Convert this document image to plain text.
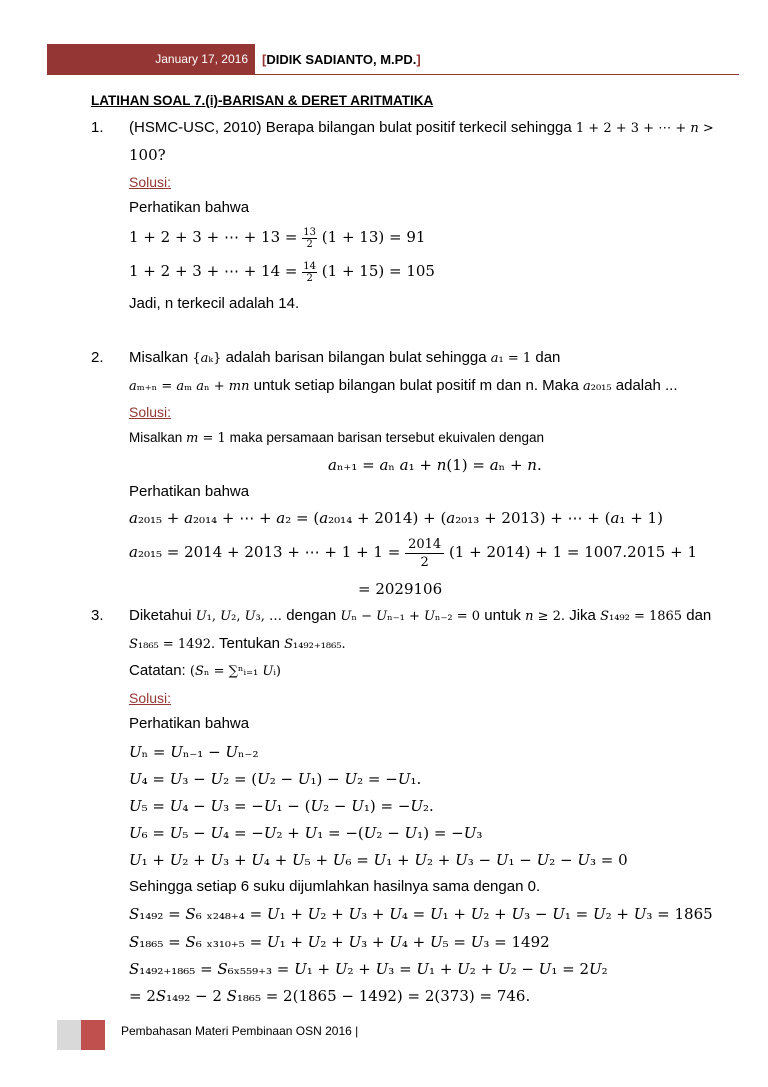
January 17, 2016 [DIDIK SADIANTO, M.PD.]
LATIHAN SOAL 7.(i)-BARISAN & DERET ARITMATIKA
1. (HSMC-USC, 2010) Berapa bilangan bulat positif terkecil sehingga 1 + 2 + 3 + ⋯ + 𝑛 >
100?
Solusi:
Perhatikan bahwa
1 + 2 + 3 + ⋯ + $13 = \frac{13}{2} (1 + 13) = 91$
1 + 2 + 3 + ⋯ + $14 = \frac{14}{2} (1 + 15) = 105$
Jadi, n terkecil adalah 14.
2. Misalkan {𝑎ₖ} adalah barisan bilangan bulat sehingga 𝑎₁ = 1 dan
𝑎ₘ₊ₙ = 𝑎ₘ 𝑎ₙ + 𝑚𝑛 untuk setiap bilangan bulat positif m dan n. Maka 𝑎₂₀₁₅ adalah ...
Solusi:
Misalkan 𝑚 = 1 maka persamaan barisan tersebut ekuivalen dengan
𝑎ₙ₊₁ = 𝑎ₙ 𝑎₁ + 𝑛(1) = 𝑎ₙ + 𝑛.
Perhatikan bahwa
𝑎₂₀₁₅ + 𝑎₂₀₁₄ + ⋯ + 𝑎₂ = (𝑎₂₀₁₄ + 2014) + (𝑎₂₀₁₃ + 2013) + ⋯ + (𝑎₁ + 1)
𝑎₂₀₁₅ = 2014 + 2013 + ⋯ + $1 + 1 = \frac{2014}{2} (1 + 2014) + 1 = 1007.2015 + 1$
= 2029106
3. Diketahui 𝑈₁, 𝑈₂, 𝑈₃, … dengan 𝑈ₙ − 𝑈ₙ₋₁ + 𝑈ₙ₋₂ = 0 untuk 𝑛 ≥ 2. Jika 𝑆₁₄₉₂ = 1865 dan
𝑆₁₈₆₅ = 1492. Tentukan 𝑆₁₄₉₂₊₁₈₆₅.
Catatan: (𝑆ₙ = ∑ⁿᵢ₌₁ 𝑈ᵢ)
Solusi:
Perhatikan bahwa
𝑈ₙ = 𝑈ₙ₋₁ − 𝑈ₙ₋₂
𝑈₄ = 𝑈₃ − 𝑈₂ = (𝑈₂ − 𝑈₁) − 𝑈₂ = −𝑈₁.
𝑈₅ = 𝑈₄ − 𝑈₃ = −𝑈₁ − (𝑈₂ − 𝑈₁) = −𝑈₂.
𝑈₆ = 𝑈₅ − 𝑈₄ = −𝑈₂ + 𝑈₁ = −(𝑈₂ − 𝑈₁) = −𝑈₃
𝑈₁ + 𝑈₂ + 𝑈₃ + 𝑈₄ + 𝑈₅ + 𝑈₆ = 𝑈₁ + 𝑈₂ + 𝑈₃ − 𝑈₁ − 𝑈₂ − 𝑈₃ = 0
Sehingga setiap 6 suku dijumlahkan hasilnya sama dengan 0.
𝑆₁₄₉₂ = 𝑆₆ ₓ₂₄₈₊₄ = 𝑈₁ + 𝑈₂ + 𝑈₃ + 𝑈₄ = 𝑈₁ + 𝑈₂ + 𝑈₃ − 𝑈₁ = 𝑈₂ + 𝑈₃ = 1865
𝑆₁₈₆₅ = 𝑆₆ ₓ₃₁₀₊₅ = 𝑈₁ + 𝑈₂ + 𝑈₃ + 𝑈₄ + 𝑈₅ = 𝑈₃ = 1492
𝑆₁₄₉₂₊₁₈₆₅ = 𝑆₆ₓ₅₅₉₊₃ = 𝑈₁ + 𝑈₂ + 𝑈₃ = 𝑈₁ + 𝑈₂ + 𝑈₂ − 𝑈₁ = 2𝑈₂
= 2𝑆₁₄₉₂ − 2 𝑆₁₈₆₅ = 2(1865 − 1492) = 2(373) = 746.
Pembahasan Materi Pembinaan OSN 2016 |
